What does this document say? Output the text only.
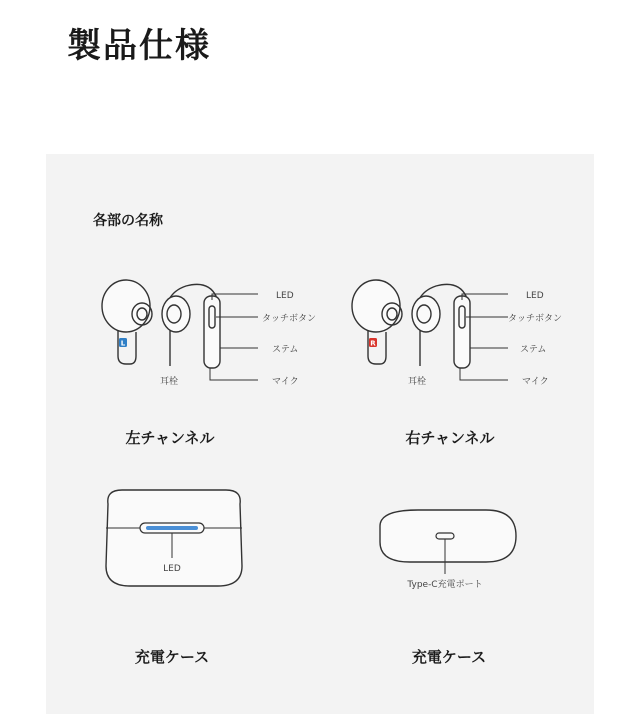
製品仕様
各部の名称
L
LED
タッチボタン
ステム
マイク
耳栓
R
LED
タッチボタン
ステム
マイク
耳栓
LED
Type-C充電ポート
左チャンネル	右チャンネル
充電ケース	充電ケース
